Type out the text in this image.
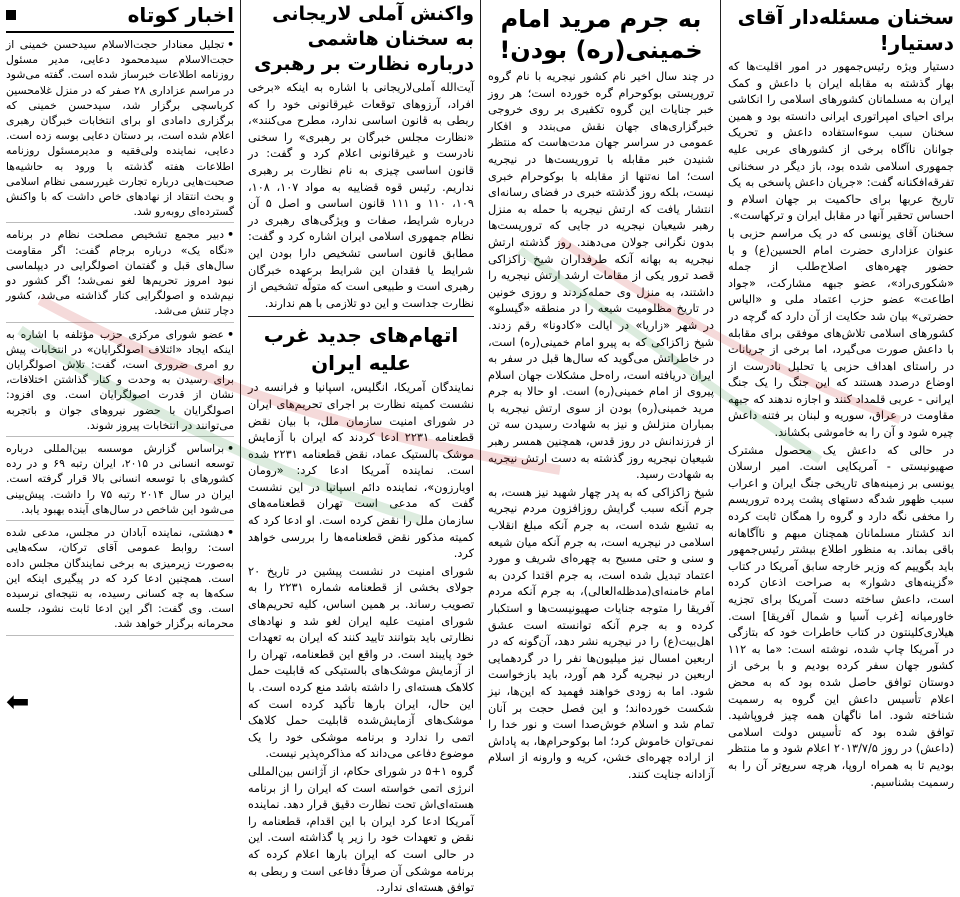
سخنان مسئله‌دار آقای دستیار!

دستیار ویژه رئیس‌جمهور در امور اقلیت‌ها که بهار گذشته به مقابله ایران با داعش و کمک ایران به مسلمانان کشورهای اسلامی را انکاشی برای احیای امپراتوری ایرانی دانسته بود و همین سخنان سبب سوءاستفاده داعش و تحریک جوانان ناآگاه برخی از کشورهای عربی علیه جمهوری اسلامی شده بود، باز دیگر در سخنانی تفرقه‌افکنانه گفت: «جریان داعش پاسخی به یک تاریخ عربها برای حاکمیت بر جهان اسلام و احساس تحقیر آنها در مقابل ایران و ترکهاست».

سخنان آقای یونسی که در یک مراسم حزبی با عنوان عزاداری حضرت امام الحسین(ع) و با حضور چهره‌های اصلاح‌طلب از جمله «شکوری‌راد»، عضو جبهه مشارکت، «جواد اطاعت» عضو حزب اعتماد ملی و «الیاس حضرتی» بیان شد حکایت از آن دارد که گرچه در کشورهای اسلامی تلاش‌های موفقی برای مقابله با داعش صورت می‌گیرد، اما برخی از جریانات در راستای اهداف حزبی یا تحلیل نادرست از اوضاع درصدد هستند که این جنگ را یک جنگ ایرانی - عربی قلمداد کنند و اجازه ندهند که جبهه مقاومت در عراق، سوریه و لبنان بر فتنه داعش چیره شود و آن را به خاموشی بکشاند.

در حالی که داعش یک محصول مشترک صهیونیستی - آمریکایی است. امیر ارسلان یونسی بر زمینه‌های تاریخی جنگ ایران و اعراب سبب ظهور شدگه دستهای پشت پرده تروریسم را مخفی نگه دارد و گروه را همگان ثابت کرده اند کشتار مسلمانان همچنان مبهم و ناآگاهانه باقی بماند. به منظور اطلاع بیشتر رئیس‌جمهور باید بگوییم که وزیر خارجه سابق آمریکا در کتاب «گزینه‌های دشوار» به صراحت اذعان کرده است، داعش ساخته دست آمریکا برای تجزیه خاورمیانه [غرب آسیا و شمال آفریقا] است. هیلاری‌کلینتون در کتاب خاطرات خود که بتازگی در آمریکا چاپ شده، نوشته است: «ما به ۱۱۲ کشور جهان سفر کرده بودیم و با برخی از دوستان توافق حاصل شده بود که به محض اعلام تأسیس داعش این گروه به رسمیت شناخته شود. اما ناگهان همه چیز فروپاشید. توافق شده بود که تأسیس دولت اسلامی (داعش) در روز ۲۰۱۳/۷/۵ اعلام شود و ما منتظر بودیم تا به همراه اروپا، هرچه سریع‌تر آن را به رسمیت بشناسیم.

به جرم مرید امام خمینی(ره) بودن!

در چند سال اخیر نام کشور نیجریه با نام گروه تروریستی بوکوحرام گره خورده است؛ هر روز خبر جنایات این گروه تکفیری بر روی خروجی خبرگزاری‌های جهان نقش می‌بندد و افکار عمومی در سراسر جهان مدت‌هاست که منتظر شنیدن خبر مقابله با تروریست‌ها در نیجریه است؛ اما نه‌تنها از مقابله با بوکوحرام خبری نیست، بلکه روز گذشته خبری در فضای رسانه‌ای انتشار یافت که ارتش نیجریه با حمله به منزل رهبر شیعیان نیجریه در جایی که تروریست‌ها بدون نگرانی جولان می‌دهند. روز گذشته ارتش نیجریه به بهانه آنکه طرفداران شیخ زاکزاکی قصد ترور یکی از مقامات ارشد ارتش نیجریه را داشتند، به منزل وی حمله‌کردند و روزی خونین در تاریخ مظلومیت شیعه را در منطقه «گیسلو» در شهر «زاریا» در ایالت «کادونا» رقم زدند. شیخ زاکزاکی که به پیرو امام خمینی(ره) است، در خاطراتش می‌گوید که سال‌ها قبل در سفر به ایران دریافته است، راه‌حل مشکلات جهان اسلام پیروی از امام خمینی(ره) است. او حالا به جرم مرید خمینی(ره) بودن از سوی ارتش نیجریه با بمباران منزلش و نیز به شهادت رسیدن سه تن از فرزندانش در روز قدس، همچنین همسر رهبر شیعیان نیجریه روز گذشته به دست ارتش نیجریه به شهادت رسید.

شیخ زاکزاکی که به پدر چهار شهید نیز هست، به جرم آنکه سبب گرایش روزافزون مردم نیجریه به تشیع شده است، به جرم آنکه مبلغ انقلاب اسلامی در نیجریه است، به جرم آنکه میان شیعه و سنی و حتی مسیح به چهره‌ای شریف و مورد اعتماد تبدیل شده است، به جرم اقتدا کردن به امام خامنه‌ای(مدظله‌العالی)، به جرم آنکه مردم آفریقا را متوجه جنایات صهیونیست‌ها و استکبار کرده و به جرم آنکه توانسته است عشق اهل‌بیت(ع) را در نیجریه نشر دهد، آن‌گونه که در اربعین امسال نیز میلیون‌ها نفر را در گردهمایی اربعین در نیجریه گرد هم آورد، باید بازخواست شود. اما به زودی خواهند فهمید که این‌ها، نیز شکست خورده‌اند؛ و این فصل حجت بر آنان تمام شد و اسلام خوش‌صدا است و نور خدا را نمی‌توان خاموش کرد؛ اما بوکوحرام‌ها، به پاداش از اراده‌ چهره‌ای خشن، کریه و وارونه از اسلام آزادانه جنایت کنند.

واکنش آملی لاریجانی به سخنان هاشمی درباره نظارت بر رهبری

آیت‌الله آملی‌لاریجانی با اشاره به اینکه «برخی افراد، آرزوهای توقعات غیرقانونی خود را که ربطی به قانون اساسی ندارد، مطرح می‌کنند»، «نظارت مجلس خبرگان بر رهبری» را سخنی نادرست و غیرقانونی اعلام کرد و گفت: در قانون اساسی چیزی به نام نظارت بر رهبری نداریم. رئیس قوه قضاییه به مواد ۱۰۷، ۱۰۸، ۱۰۹، ۱۱۰ و ۱۱۱ قانون اساسی و اصل ۵ آن درباره شرایط، صفات و ویژگی‌های رهبری در نظام جمهوری اسلامی ایران اشاره کرد و گفت: مطابق قانون اساسی تشخیص دارا بودن این شرایط یا فقدان این شرایط برعهده خبرگان رهبری است و طبیعی است که متولّه تشخیص از نظارت جداست و این دو تلازمی با هم ندارند.

اتهام‌های جدید غرب علیه ایران

نمایندگان آمریکا، انگلیس، اسپانیا و فرانسه در نشست کمیته نظارت بر اجرای تحریم‌های ایران در شورای امنیت سازمان ملل، با بیان نقض قطعنامه ۲۲۳۱ ادعا کردند که ایران با آزمایش موشک بالستیک عماد، نقض قطعنامه ۲۲۳۱ شده است. نماینده آمریکا ادعا کرد: «رومان اویارزون»، نماینده دائم اسپانیا در این نشست گفت که مدعی است تهران قطعنامه‌های سازمان ملل را نقض کرده است. او ادعا کرد که کمیته مذکور نقض قطعنامه‌ها را بررسی خواهد کرد.

شورای امنیت در نشست پیشین در تاریخ ۲۰ جولای بخشی از قطعنامه شماره ۲۲۳۱ را به تصویب رساند. بر همین اساس، کلیه تحریم‌های شورای امنیت علیه ایران لغو شد و نهادهای نظارتی باید بتوانند تایید کنند که ایران به تعهدات خود پایبند است. در واقع این قطعنامه، تهران را از آزمایش موشک‌های بالستیکی که قابلیت حمل کلاهک هسته‌ای را داشته باشد منع کرده است. با این حال، ایران بارها تأکید کرده است که موشک‌های آزمایش‌شده قابلیت حمل کلاهک اتمی را ندارد و برنامه موشکی خود را یک موضوع دفاعی می‌داند که مذاکره‌پذیر نیست.

گروه ۱+۵ در شورای حکام، از آژانس بین‌المللی انرژی اتمی خواسته است که ایران را از برنامه هسته‌ای‌اش تحت نظارت دقیق قرار دهد. نماینده آمریکا ادعا کرد ایران با این اقدام، قطعنامه را نقض و تعهدات خود را زیر پا گذاشته است. این در حالی است که ایران بارها اعلام کرده که برنامه موشکی آن صرفاً دفاعی است و ربطی به توافق هسته‌ای ندارد.

اخبار کوتاه
•تجلیل معنادار حجت‌الاسلام سیدحسن خمینی از حجت‌الاسلام سیدمحمود دعایی، مدیر مسئول روزنامه اطلاعات خبرساز شده است. گفته می‌شود در مراسم عزاداری ۲۸ صفر که در منزل غلامحسین کرباسچی برگزار شد، سیدحسن خمینی که برگزاری دامادی او برای انتخابات خبرگان رهبری اعلام شده است، بر دستان دعایی بوسه زده است. دعایی، نماینده ولی‌فقیه و مدیرمسئول روزنامه اطلاعات هفته گذشته با ورود به حاشیه‌ها صحبت‌هایی درباره تجارت غیررسمی نظام اسلامی و بحث انتقاد از نهادهای خاص داشت که با واکنش گسترده‌ای روبه‌رو شد.
•دبیر مجمع تشخیص مصلحت نظام در برنامه «نگاه یک» درباره برجام گفت: اگر مقاومت سال‌های قبل و گفتمان اصولگرایی در دیپلماسی نبود امروز تحریم‌ها لغو نمی‌شد؛ اگر کشور دو نیم‌شده و اصولگرایی کنار گذاشته می‌شد، کشور دچار تنش می‌شد.
•عضو شورای مرکزی حزب مؤتلفه با اشاره به اینکه ایجاد «ائتلاف اصولگرایان» در انتخابات پیش رو امری ضروری است، گفت: تلاش اصولگرایان برای رسیدن به وحدت و کنار گذاشتن اختلافات، نشان از قدرت اصولگرایان است. وی افزود: اصولگرایان با حضور نیروهای جوان و باتجربه می‌توانند در انتخابات پیروز شوند.
•براساس گزارش موسسه بین‌المللی درباره توسعه انسانی در ۲۰۱۵، ایران رتبه ۶۹ و در رده کشورهای با توسعه انسانی بالا قرار گرفته است. ایران در سال ۲۰۱۴ رتبه ۷۵ را داشت. پیش‌بینی می‌شود این شاخص در سال‌های آینده بهبود یابد.
•دهشتی، نماینده آبادان در مجلس، مدعی شده است: روابط عمومی آقای ترکان، سکه‌هایی به‌صورت زیرمیزی به برخی نمایندگان مجلس داده است. همچنین ادعا کرد که در پیگیری اینکه این سکه‌ها به چه کسانی رسیده، به نتیجه‌ای نرسیده است. وی گفت: اگر این ادعا ثابت نشود، جلسه محرمانه برگزار خواهد شد.
⬅
